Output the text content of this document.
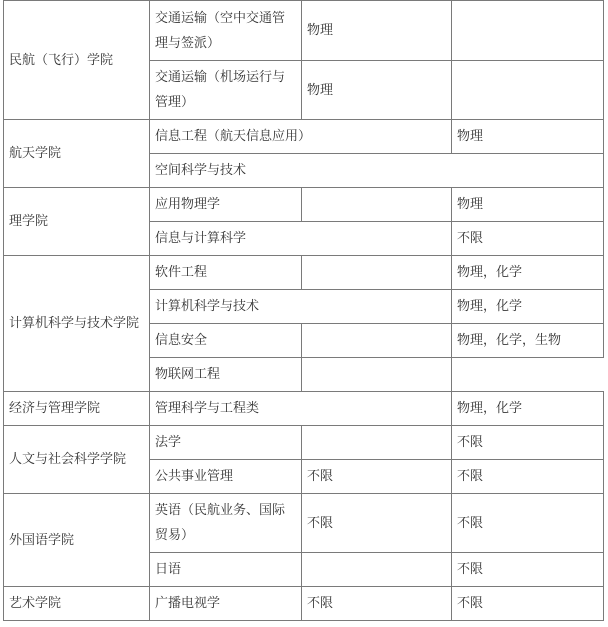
民航（飞行）学院	交通运输（空中交通管理与签派）	物理	
	交通运输（机场运行与管理）	物理	
航天学院	信息工程（航天信息应用）		物理
	空间科学与技术		
理学院	应用物理学		物理
	信息与计算科学		不限
计算机科学与技术学院	软件工程		物理，化学
	计算机科学与技术		物理，化学
	信息安全		物理，化学，生物
	物联网工程		
经济与管理学院	管理科学与工程类		物理，化学
人文与社会科学学院	法学		不限
	公共事业管理	不限	不限
外国语学院	英语（民航业务、国际贸易）	不限	不限
	日语		不限
艺术学院	广播电视学	不限	不限
